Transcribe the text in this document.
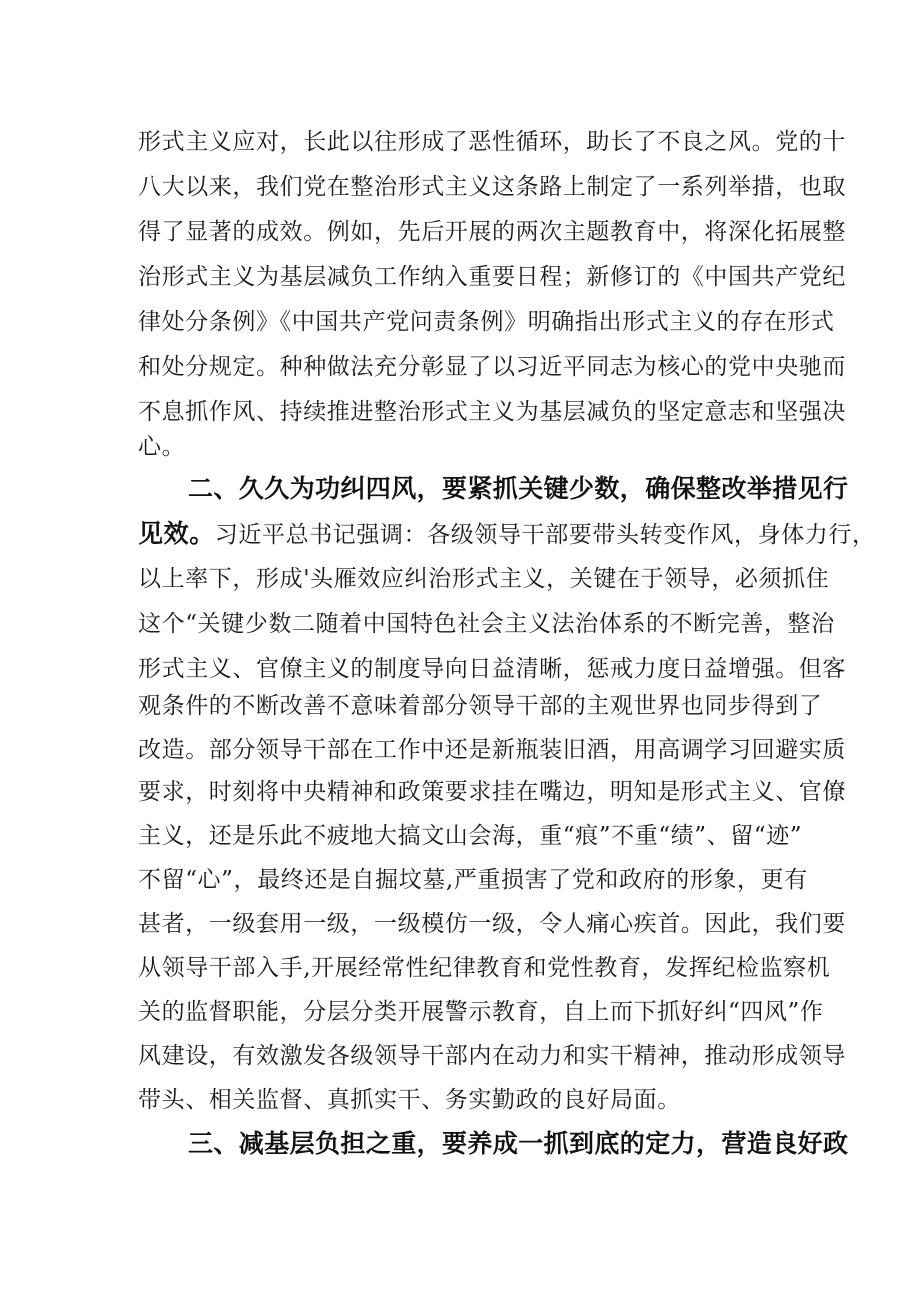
形式主义应对，长此以往形成了恶性循环，助长了不良之风。党的十
八大以来，我们党在整治形式主义这条路上制定了一系列举措，也取
得了显著的成效。例如，先后开展的两次主题教育中，将深化拓展整
治形式主义为基层减负工作纳入重要日程；新修订的《中国共产党纪
律处分条例》《中国共产党问责条例》明确指出形式主义的存在形式
和处分规定。种种做法充分彰显了以习近平同志为核心的党中央驰而
不息抓作风、持续推进整治形式主义为基层减负的坚定意志和坚强决
心。
二、久久为功纠四风，要紧抓关键少数，确保整改举措见行
见效。习近平总书记强调：各级领导干部要带头转变作风，身体力行，
以上率下，形成'头雁效应纠治形式主义，关键在于领导，必须抓住
这个“关键少数二随着中国特色社会主义法治体系的不断完善，整治
形式主义、官僚主义的制度导向日益清晰，惩戒力度日益增强。但客
观条件的不断改善不意味着部分领导干部的主观世界也同步得到了
改造。部分领导干部在工作中还是新瓶装旧酒，用高调学习回避实质
要求，时刻将中央精神和政策要求挂在嘴边，明知是形式主义、官僚
主义，还是乐此不疲地大搞文山会海，重“痕”不重“绩”、留“迹”
不留“心”，最终还是自掘坟墓,严重损害了党和政府的形象，更有
甚者，一级套用一级，一级模仿一级，令人痛心疾首。因此，我们要
从领导干部入手,开展经常性纪律教育和党性教育，发挥纪检监察机
关的监督职能，分层分类开展警示教育，自上而下抓好纠“四风”作
风建设，有效激发各级领导干部内在动力和实干精神，推动形成领导
带头、相关监督、真抓实干、务实勤政的良好局面。
三、减基层负担之重，要养成一抓到底的定力，营造良好政
